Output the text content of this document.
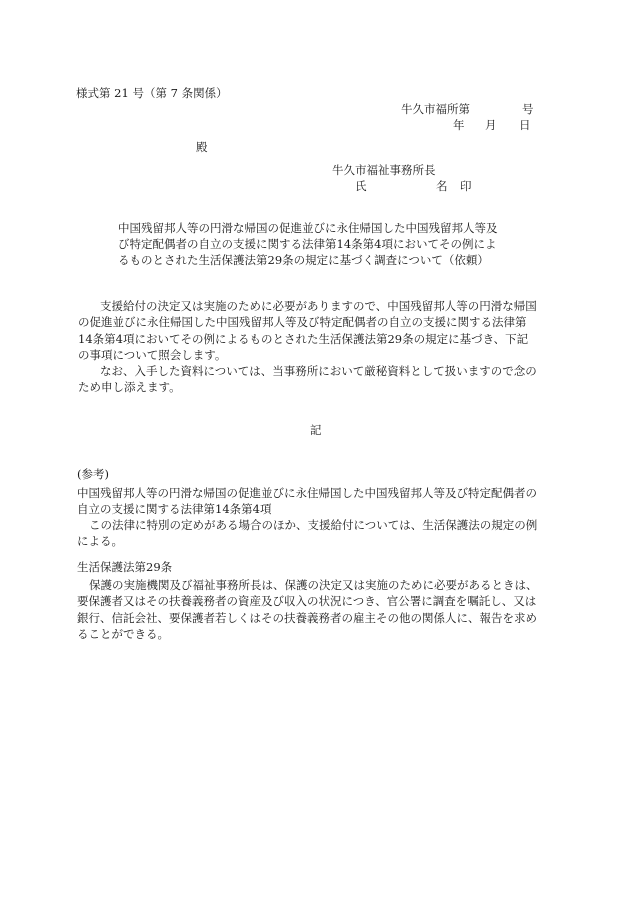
様式第 21 号（第 7 条関係）
牛久市福所第	号
年 月 日
殿
牛久市福祉事務所長
氏	名 印
中国残留邦人等の円滑な帰国の促進並びに永住帰国した中国残留邦人等及
び特定配偶者の自立の支援に関する法律第14条第4項においてその例によ
るものとされた生活保護法第29条の規定に基づく調査について（依頼）
支援給付の決定又は実施のために必要がありますので、中国残留邦人等の円滑な帰国
の促進並びに永住帰国した中国残留邦人等及び特定配偶者の自立の支援に関する法律第
14条第4項においてその例によるものとされた生活保護法第29条の規定に基づき、下記
の事項について照会します。
なお、入手した資料については、当事務所において厳秘資料として扱いますので念の
ため申し添えます。
記
(参考)
中国残留邦人等の円滑な帰国の促進並びに永住帰国した中国残留邦人等及び特定配偶者の
自立の支援に関する法律第14条第4項
この法律に特別の定めがある場合のほか、支援給付については、生活保護法の規定の例
による。
生活保護法第29条
保護の実施機関及び福祉事務所長は、保護の決定又は実施のために必要があるときは、
要保護者又はその扶養義務者の資産及び収入の状況につき、官公署に調査を嘱託し、又は
銀行、信託会社、要保護者若しくはその扶養義務者の雇主その他の関係人に、報告を求め
ることができる。
